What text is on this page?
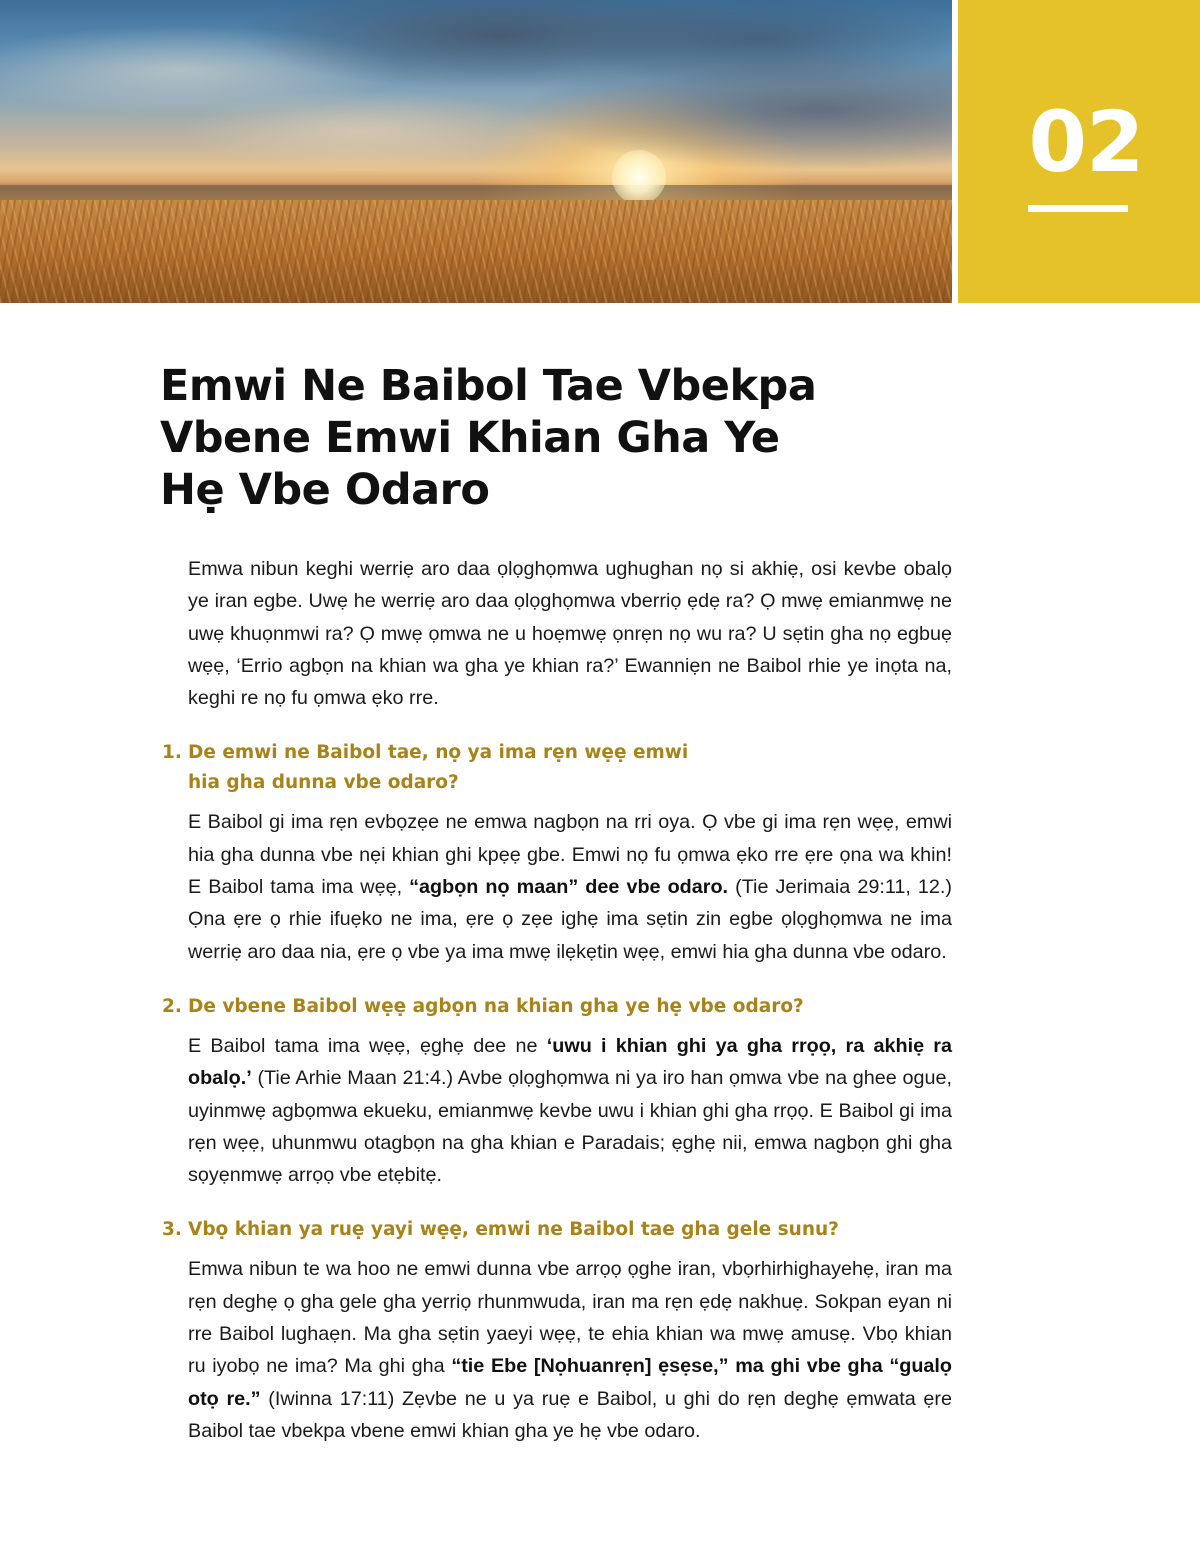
02
Emwi Ne Baibol Tae Vbekpa
Vbene Emwi Khian Gha Ye
Hẹ Vbe Odaro

Emwa nibun keghi werriẹ aro daa ọlọghọmwa ughughan nọ si akhiẹ, osi kevbe obalọ ye iran egbe. Uwẹ he werriẹ aro daa ọlọghọmwa vberriọ ẹdẹ ra? Ọ mwẹ emianmwẹ ne uwẹ khuọnmwi ra? Ọ mwẹ ọmwa ne u hoẹmwẹ ọnrẹn nọ wu ra? U sẹtin gha nọ egbuẹ wẹẹ, ‘Errio agbọn na khian wa gha ye khian ra?’ Ewanniẹn ne Baibol rhie ye inọta na, keghi re nọ fu ọmwa ẹko rre.

1. De emwi ne Baibol tae, nọ ya ima rẹn wẹẹ emwi
hia gha dunna vbe odaro?

E Baibol gi ima rẹn evbọzẹe ne emwa nagbọn na rri oya. Ọ vbe gi ima rẹn wẹẹ, emwi hia gha dunna vbe nẹi khian ghi kpẹẹ gbe. Emwi nọ fu ọmwa ẹko rre ẹre ọna wa khin! E Baibol tama ima wẹẹ, “agbọn nọ maan” dee vbe odaro. (Tie Jerimaia 29:11, 12.) Ọna ẹre ọ rhie ifuẹko ne ima, ẹre ọ zẹe ighẹ ima sẹtin zin egbe ọlọghọmwa ne ima werriẹ aro daa nia, ẹre ọ vbe ya ima mwẹ ilẹkẹtin wẹẹ, emwi hia gha dunna vbe odaro.

2. De vbene Baibol wẹẹ agbọn na khian gha ye hẹ vbe odaro?

E Baibol tama ima wẹẹ, ẹghẹ dee ne ‘uwu i khian ghi ya gha rrọọ, ra akhiẹ ra obalọ.’ (Tie Arhie Maan 21:4.) Avbe ọlọghọmwa ni ya iro han ọmwa vbe na ghee ogue, uyinmwẹ agbọmwa ekueku, emianmwẹ kevbe uwu i khian ghi gha rrọọ. E Baibol gi ima rẹn wẹẹ, uhunmwu otagbọn na gha khian e Paradais; ẹghẹ nii, emwa nagbọn ghi gha sọyẹnmwẹ arrọọ vbe etẹbitẹ.

3. Vbọ khian ya ruẹ yayi wẹẹ, emwi ne Baibol tae gha gele sunu?

Emwa nibun te wa hoo ne emwi dunna vbe arrọọ ọghe iran, vbọrhirhighayehẹ, iran ma rẹn deghẹ ọ gha gele gha yerriọ rhunmwuda, iran ma rẹn ẹdẹ nakhuẹ. Sokpan eyan ni rre Baibol lughaẹn. Ma gha sẹtin yaeyi wẹẹ, te ehia khian wa mwẹ amusẹ. Vbọ khian ru iyobọ ne ima? Ma ghi gha “tie Ebe [Nọhuanrẹn] ẹsẹse,” ma ghi vbe gha “gualọ otọ re.” (Iwinna 17:11) Zẹvbe ne u ya ruẹ e Baibol, u ghi do rẹn deghẹ ẹmwata ẹre Baibol tae vbekpa vbene emwi khian gha ye hẹ vbe odaro.
